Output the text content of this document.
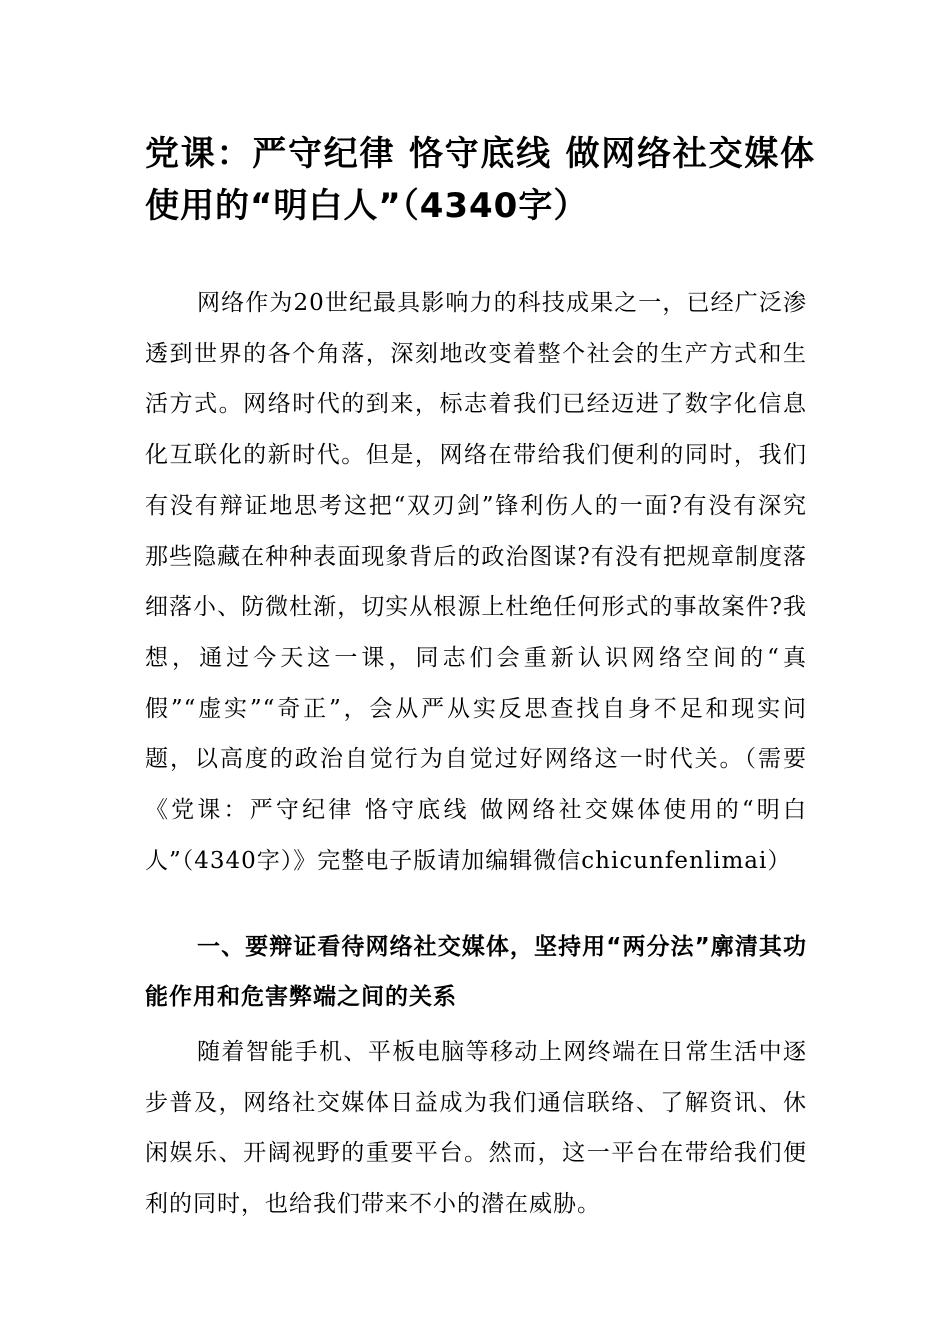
党课：严守纪律 恪守底线 做网络社交媒体使用的“明白人”（4340字）

网络作为20世纪最具影响力的科技成果之一，已经广泛渗透到世界的各个角落，深刻地改变着整个社会的生产方式和生活方式。网络时代的到来，标志着我们已经迈进了数字化信息化互联化的新时代。但是，网络在带给我们便利的同时，我们有没有辩证地思考这把“双刃剑”锋利伤人的一面?有没有深究那些隐藏在种种表面现象背后的政治图谋?有没有把规章制度落细落小、防微杜渐，切实从根源上杜绝任何形式的事故案件?我想，通过今天这一课，同志们会重新认识网络空间的“真假”“虚实”“奇正”，会从严从实反思查找自身不足和现实问题，以高度的政治自觉行为自觉过好网络这一时代关。（需要《党课：严守纪律 恪守底线 做网络社交媒体使用的“明白人”（4340字）》完整电子版请加编辑微信chicunfenlimai）

一、要辩证看待网络社交媒体，坚持用“两分法”廓清其功能作用和危害弊端之间的关系

随着智能手机、平板电脑等移动上网终端在日常生活中逐步普及，网络社交媒体日益成为我们通信联络、了解资讯、休闲娱乐、开阔视野的重要平台。然而，这一平台在带给我们便利的同时，也给我们带来不小的潜在威胁。
